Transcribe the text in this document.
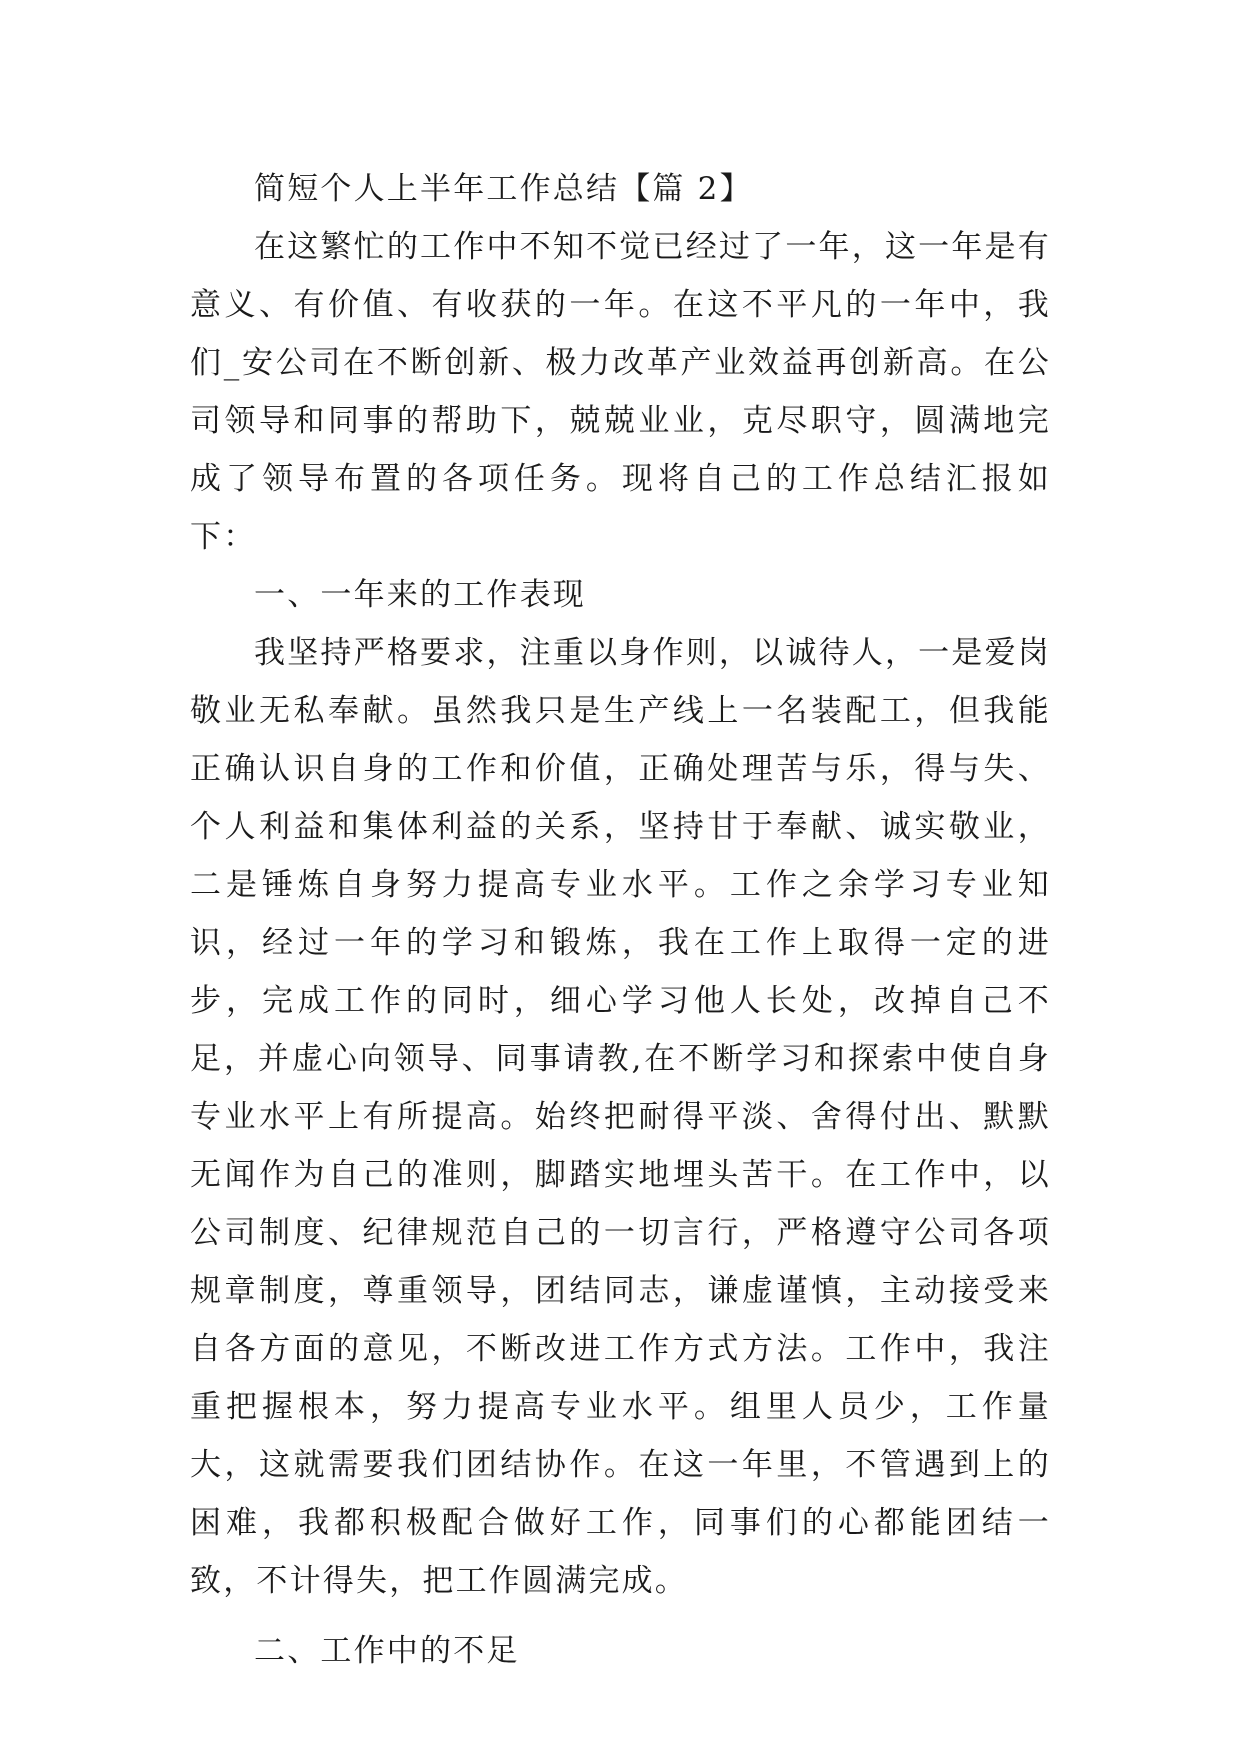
简短个人上半年工作总结【篇 2】

在这繁忙的工作中不知不觉已经过了一年，这一年是有意义、有价值、有收获的一年。在这不平凡的一年中，我们_安公司在不断创新、极力改革产业效益再创新高。在公司领导和同事的帮助下，兢兢业业，克尽职守，圆满地完成了领导布置的各项任务。现将自己的工作总结汇报如下：

一、一年来的工作表现

我坚持严格要求，注重以身作则，以诚待人，一是爱岗敬业无私奉献。虽然我只是生产线上一名装配工，但我能正确认识自身的工作和价值，正确处理苦与乐，得与失、个人利益和集体利益的关系，坚持甘于奉献、诚实敬业，二是锤炼自身努力提高专业水平。工作之余学习专业知识，经过一年的学习和锻炼，我在工作上取得一定的进步，完成工作的同时，细心学习他人长处，改掉自己不足，并虚心向领导、同事请教,在不断学习和探索中使自身专业水平上有所提高。始终把耐得平淡、舍得付出、默默无闻作为自己的准则，脚踏实地埋头苦干。在工作中，以公司制度、纪律规范自己的一切言行，严格遵守公司各项规章制度，尊重领导，团结同志，谦虚谨慎，主动接受来自各方面的意见，不断改进工作方式方法。工作中，我注重把握根本，努力提高专业水平。组里人员少，工作量大，这就需要我们团结协作。在这一年里，不管遇到上的困难，我都积极配合做好工作，同事们的心都能团结一致，不计得失，把工作圆满完成。

二、工作中的不足
